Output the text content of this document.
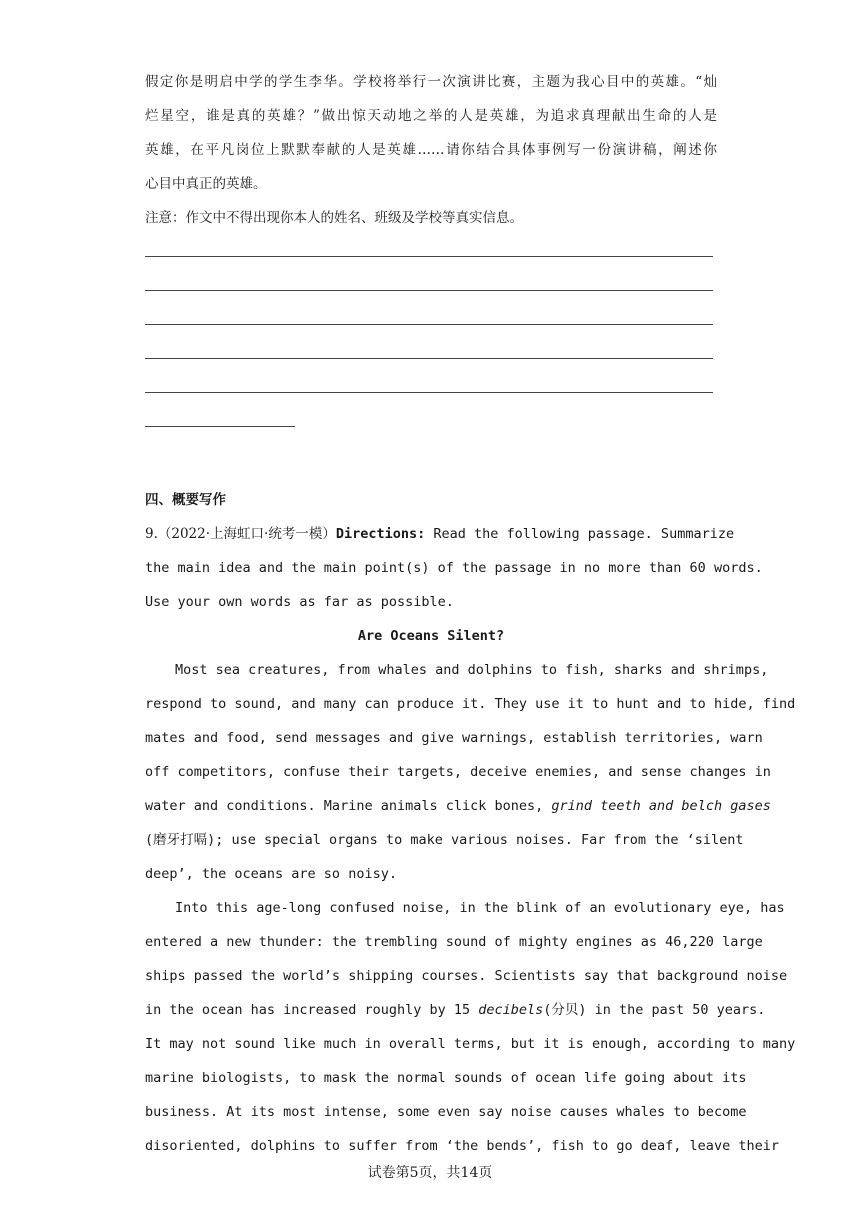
假定你是明启中学的学生李华。学校将举行一次演讲比赛，主题为我心目中的英雄。“灿
烂星空，谁是真的英雄？”做出惊天动地之举的人是英雄，为追求真理献出生命的人是
英雄，在平凡岗位上默默奉献的人是英雄……请你结合具体事例写一份演讲稿，阐述你
心目中真正的英雄。
注意：作文中不得出现你本人的姓名、班级及学校等真实信息。
四、概要写作
9.（2022·上海虹口·统考一模）Directions: Read the following passage. Summarize
the main idea and the main point(s) of the passage in no more than 60 words.
Use your own words as far as possible.
Are Oceans Silent?
Most sea creatures, from whales and dolphins to fish, sharks and shrimps,
respond to sound, and many can produce it. They use it to hunt and to hide, find
mates and food, send messages and give warnings, establish territories, warn
off competitors, confuse their targets, deceive enemies, and sense changes in
water and conditions. Marine animals click bones, grind teeth and belch gases
(磨牙打嗝); use special organs to make various noises. Far from the ‘silent
deep’, the oceans are so noisy.
Into this age-long confused noise, in the blink of an evolutionary eye, has
entered a new thunder: the trembling sound of mighty engines as 46,220 large
ships passed the world’s shipping courses. Scientists say that background noise
in the ocean has increased roughly by 15 decibels(分贝) in the past 50 years.
It may not sound like much in overall terms, but it is enough, according to many
marine biologists, to mask the normal sounds of ocean life going about its
business. At its most intense, some even say noise causes whales to become
disoriented, dolphins to suffer from ‘the bends’, fish to go deaf, leave their
试卷第5页，共14页
